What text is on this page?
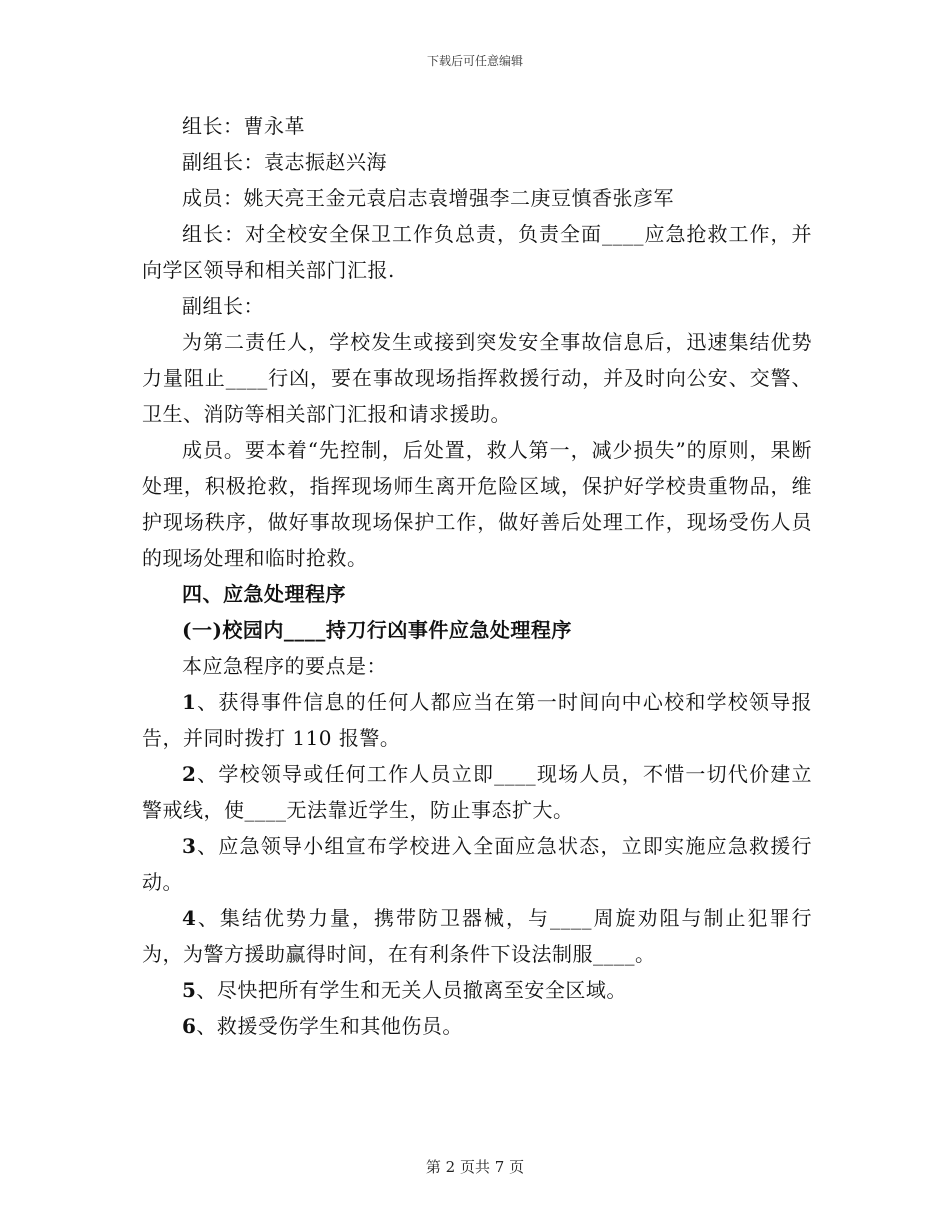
下载后可任意编辑

组长：曹永革

副组长：袁志振赵兴海

成员：姚天亮王金元袁启志袁增强李二庚豆慎香张彦军

组长：对全校安全保卫工作负总责，负责全面____应急抢救工作，并向学区领导和相关部门汇报.

副组长：

为第二责任人，学校发生或接到突发安全事故信息后，迅速集结优势力量阻止____行凶，要在事故现场指挥救援行动，并及时向公安、交警、卫生、消防等相关部门汇报和请求援助。

成员。要本着“先控制，后处置，救人第一，减少损失”的原则，果断处理，积极抢救，指挥现场师生离开危险区域，保护好学校贵重物品，维护现场秩序，做好事故现场保护工作，做好善后处理工作，现场受伤人员的现场处理和临时抢救。

四、应急处理程序

(一)校园内____持刀行凶事件应急处理程序

本应急程序的要点是：

1、获得事件信息的任何人都应当在第一时间向中心校和学校领导报告，并同时拨打 110 报警。

2、学校领导或任何工作人员立即____现场人员，不惜一切代价建立警戒线，使____无法靠近学生，防止事态扩大。

3、应急领导小组宣布学校进入全面应急状态，立即实施应急救援行动。

4、集结优势力量，携带防卫器械，与____周旋劝阻与制止犯罪行为，为警方援助赢得时间，在有利条件下设法制服____。

5、尽快把所有学生和无关人员撤离至安全区域。

6、救援受伤学生和其他伤员。

第 2 页共 7 页
